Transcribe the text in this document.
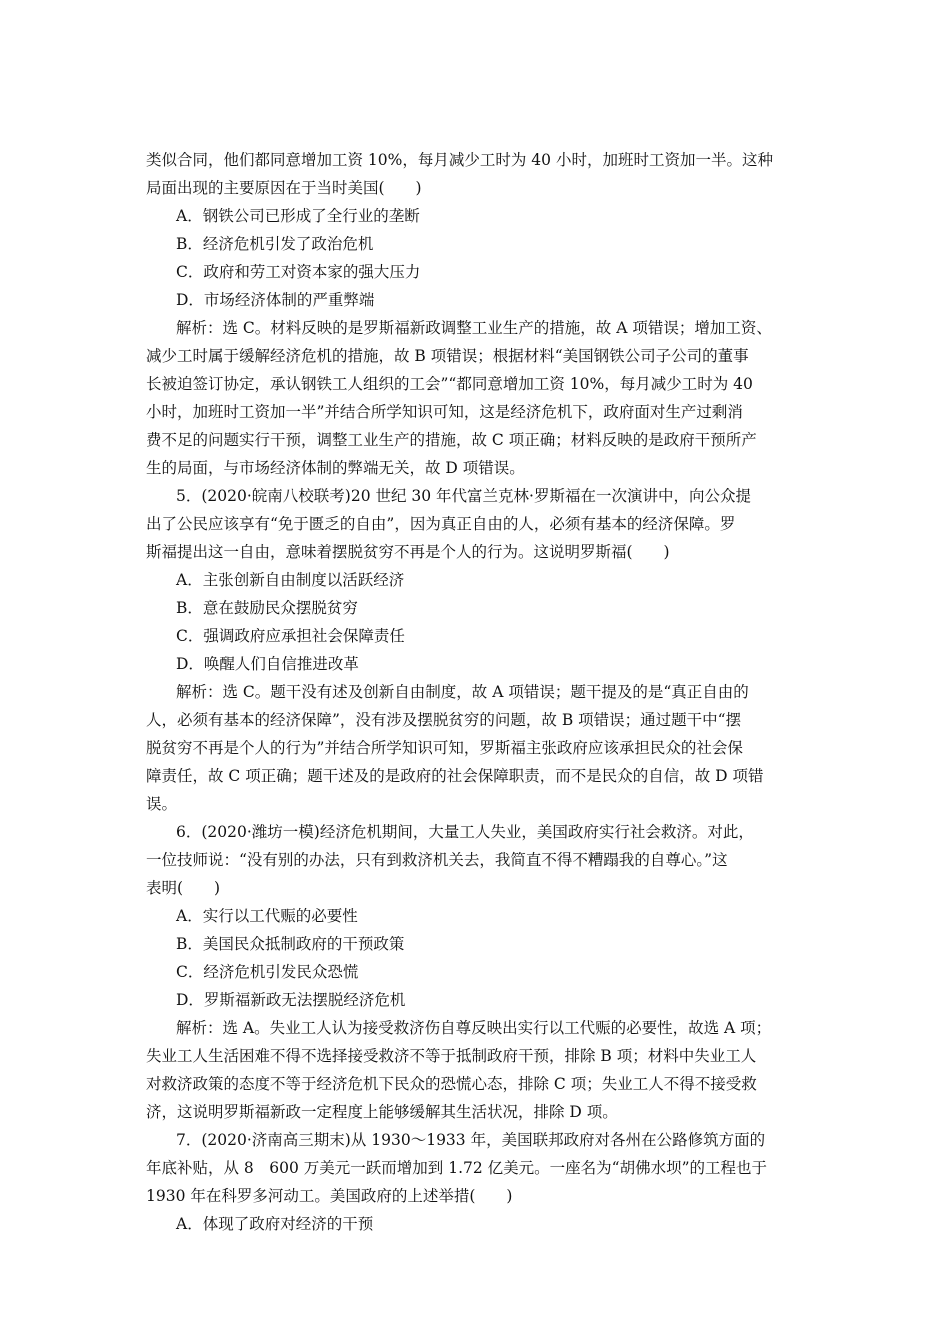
类似合同，他们都同意增加工资 10%，每月减少工时为 40 小时，加班时工资加一半。这种
局面出现的主要原因在于当时美国(　　)
A．钢铁公司已形成了全行业的垄断
B．经济危机引发了政治危机
C．政府和劳工对资本家的强大压力
D．市场经济体制的严重弊端
解析：选 C。材料反映的是罗斯福新政调整工业生产的措施，故 A 项错误；增加工资、
减少工时属于缓解经济危机的措施，故 B 项错误；根据材料“美国钢铁公司子公司的董事
长被迫签订协定，承认钢铁工人组织的工会”“都同意增加工资 10%，每月减少工时为 40
小时，加班时工资加一半”并结合所学知识可知，这是经济危机下，政府面对生产过剩消
费不足的问题实行干预，调整工业生产的措施，故 C 项正确；材料反映的是政府干预所产
生的局面，与市场经济体制的弊端无关，故 D 项错误。
5．(2020·皖南八校联考)20 世纪 30 年代富兰克林·罗斯福在一次演讲中，向公众提
出了公民应该享有“免于匮乏的自由”，因为真正自由的人，必须有基本的经济保障。罗
斯福提出这一自由，意味着摆脱贫穷不再是个人的行为。这说明罗斯福(　　)
A．主张创新自由制度以活跃经济
B．意在鼓励民众摆脱贫穷
C．强调政府应承担社会保障责任
D．唤醒人们自信推进改革
解析：选 C。题干没有述及创新自由制度，故 A 项错误；题干提及的是“真正自由的
人，必须有基本的经济保障”，没有涉及摆脱贫穷的问题，故 B 项错误；通过题干中“摆
脱贫穷不再是个人的行为”并结合所学知识可知，罗斯福主张政府应该承担民众的社会保
障责任，故 C 项正确；题干述及的是政府的社会保障职责，而不是民众的自信，故 D 项错
误。
6．(2020·潍坊一模)经济危机期间，大量工人失业，美国政府实行社会救济。对此，
一位技师说：“没有别的办法，只有到救济机关去，我简直不得不糟蹋我的自尊心。”这
表明(　　)
A．实行以工代赈的必要性
B．美国民众抵制政府的干预政策
C．经济危机引发民众恐慌
D．罗斯福新政无法摆脱经济危机
解析：选 A。失业工人认为接受救济伤自尊反映出实行以工代赈的必要性，故选 A 项；
失业工人生活困难不得不选择接受救济不等于抵制政府干预，排除 B 项；材料中失业工人
对救济政策的态度不等于经济危机下民众的恐慌心态，排除 C 项；失业工人不得不接受救
济，这说明罗斯福新政一定程度上能够缓解其生活状况，排除 D 项。
7．(2020·济南高三期末)从 1930～1933 年，美国联邦政府对各州在公路修筑方面的
年底补贴，从 8　600 万美元一跃而增加到 1.72 亿美元。一座名为“胡佛水坝”的工程也于
1930 年在科罗多河动工。美国政府的上述举措(　　)
A．体现了政府对经济的干预
